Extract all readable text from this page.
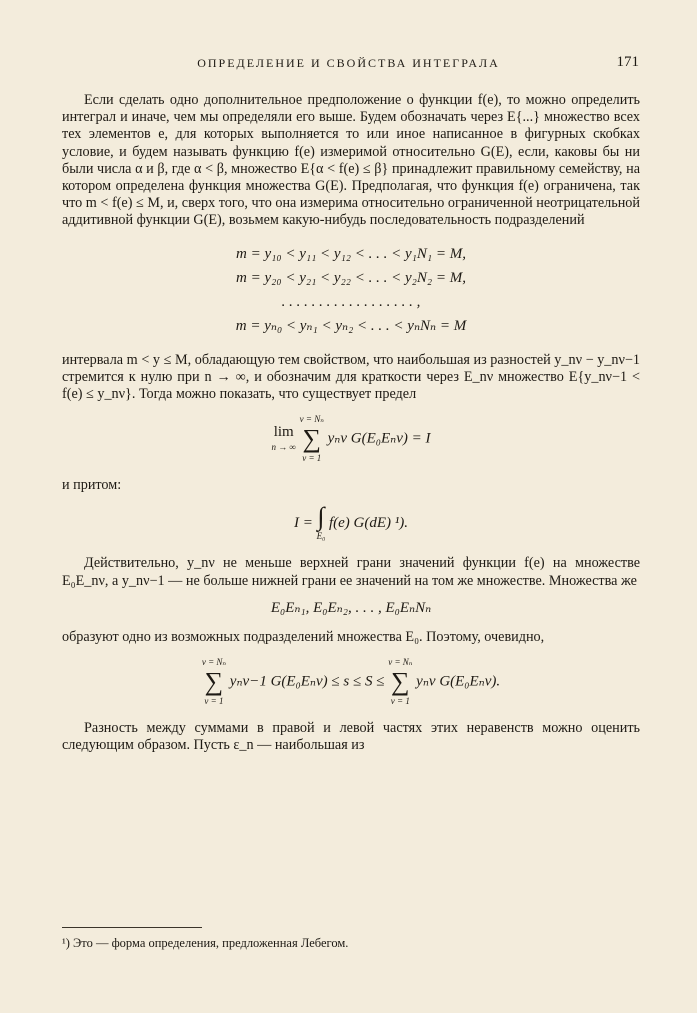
ОПРЕДЕЛЕНИЕ И СВОЙСТВА ИНТЕГРАЛА	171

Если сделать одно дополнительное предположение о функции f(e), то можно определить интеграл и иначе, чем мы определяли его выше. Будем обозначать через E{...} множество всех тех элементов e, для которых выполняется то или иное написанное в фигурных скобках условие, и будем называть функцию f(e) измеримой относительно G(E), если, каковы бы ни были числа α и β, где α < β, множество E{α < f(e) ≤ β} принадлежит правильному семейству, на котором определена функция множества G(E). Предполагая, что функция f(e) ограничена, так что m < f(e) ≤ M, и, сверх того, что она измерима относительно ограниченной неотрицательной аддитивной функции G(E), возьмем какую-нибудь последовательность подразделений

m = y₁₀ < y₁₁ < y₁₂ < . . . < y₁N₁ = M,
m = y₂₀ < y₂₁ < y₂₂ < . . . < y₂N₂ = M,
. . . . . . . . . . . . . . . . . . ,
m = yₙ₀ < yₙ₁ < yₙ₂ < . . . < yₙNₙ = M

интервала m < y ≤ M, обладающую тем свойством, что наибольшая из разностей y_nν − y_nν−1 стремится к нулю при n → ∞, и обозначим для краткости через E_nν множество E{y_nν−1 < f(e) ≤ y_nν}. Тогда можно показать, что существует предел

lim
n → ∞

ν = Nₙ
∑
ν = 1
yₙν G(E₀Eₙν) = I

и притом:

I = ∫
E₀
f(e) G(dE) ¹).

Действительно, y_nν не меньше верхней грани значений функции f(e) на множестве E₀E_nν, а y_nν−1 — не больше нижней грани ее значений на том же множестве. Множества же

E₀Eₙ₁, E₀Eₙ₂, . . . , E₀EₙNₙ

образуют одно из возможных подразделений множества E₀. Поэтому, очевидно,

ν = Nₙ
∑
ν = 1
yₙν−1 G(E₀Eₙν) ≤ s ≤ S ≤
ν = Nₙ
∑
ν = 1
yₙν G(E₀Eₙν).

Разность между суммами в правой и левой частях этих неравенств можно оценить следующим образом. Пусть ε_n — наибольшая из

¹) Это — форма определения, предложенная Лебегом.
